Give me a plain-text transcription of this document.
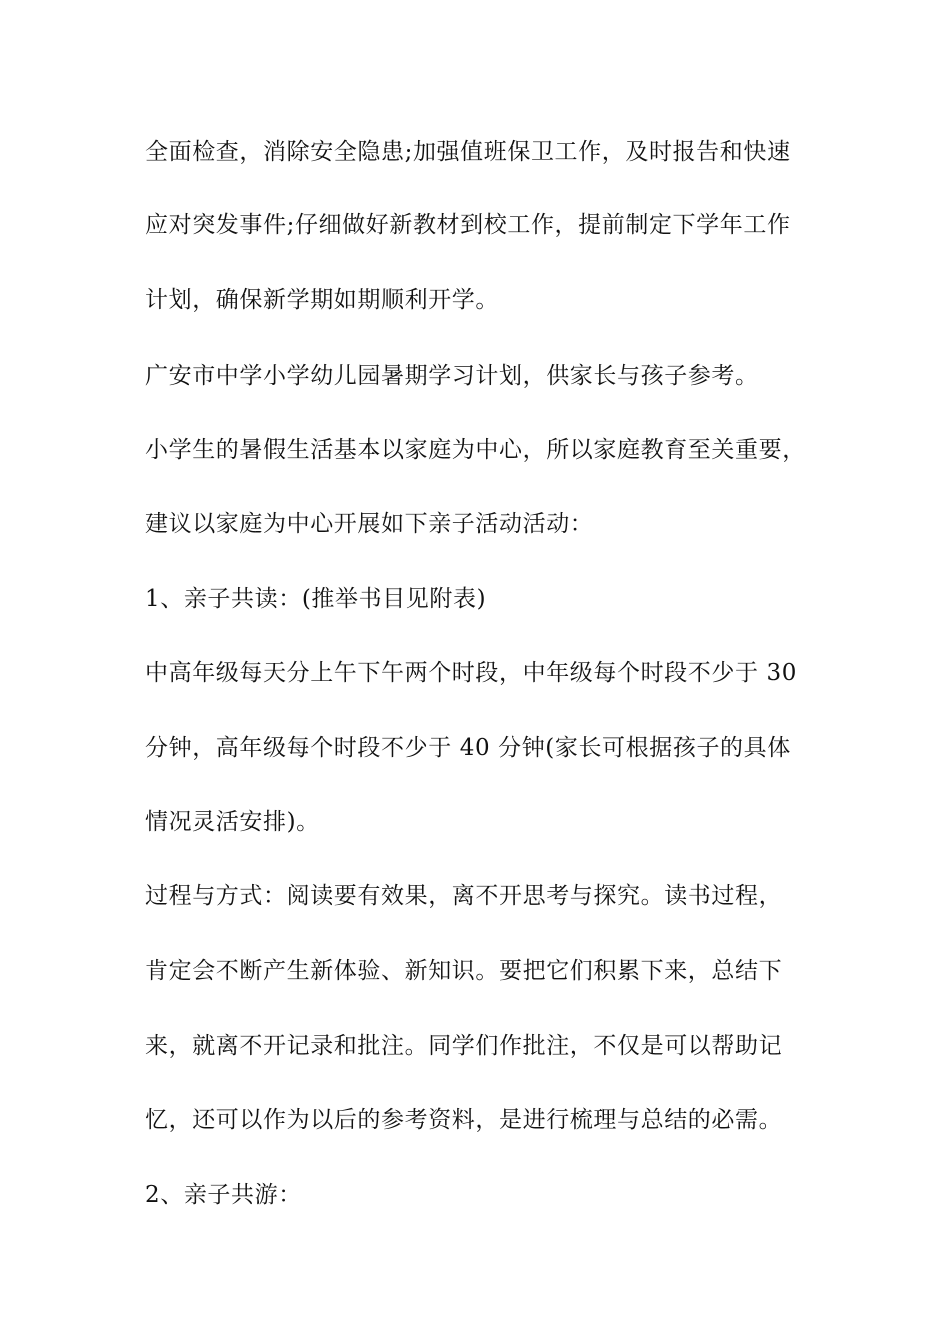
全面检查，消除安全隐患;加强值班保卫工作，及时报告和快速
应对突发事件;仔细做好新教材到校工作，提前制定下学年工作
计划，确保新学期如期顺利开学。
广安市中学小学幼儿园暑期学习计划，供家长与孩子参考。
小学生的暑假生活基本以家庭为中心，所以家庭教育至关重要，
建议以家庭为中心开展如下亲子活动活动：
1、亲子共读：(推举书目见附表)
中高年级每天分上午下午两个时段，中年级每个时段不少于 30
分钟，高年级每个时段不少于 40 分钟(家长可根据孩子的具体
情况灵活安排)。
过程与方式：阅读要有效果，离不开思考与探究。读书过程，
肯定会不断产生新体验、新知识。要把它们积累下来，总结下
来，就离不开记录和批注。同学们作批注，不仅是可以帮助记
忆，还可以作为以后的参考资料，是进行梳理与总结的必需。
2、亲子共游：
